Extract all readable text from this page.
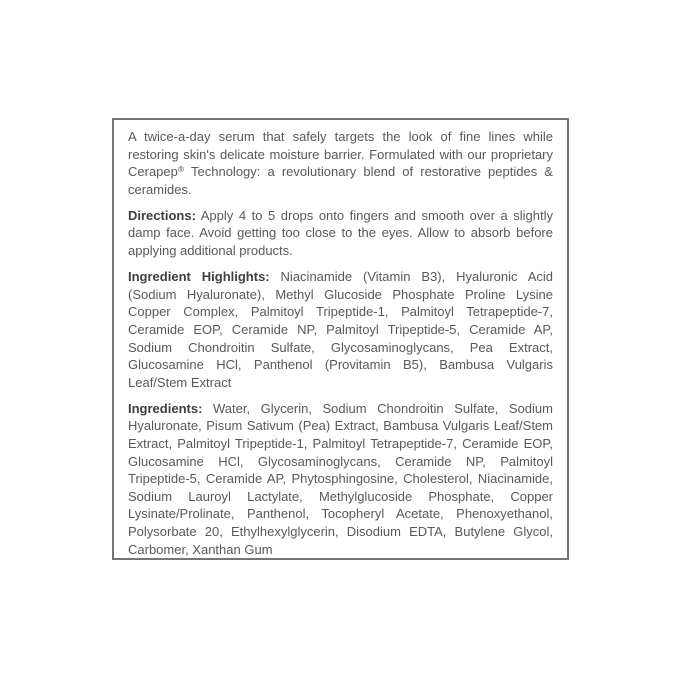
A twice-a-day serum that safely targets the look of fine lines while
restoring skin's delicate moisture barrier. Formulated with our proprietary
Cerapep® Technology: a revolutionary blend of restorative peptides &
ceramides.

Directions: Apply 4 to 5 drops onto fingers and smooth over a slightly
damp face. Avoid getting too close to the eyes. Allow to absorb before
applying additional products.

Ingredient Highlights: Niacinamide (Vitamin B3), Hyaluronic Acid
(Sodium Hyaluronate), Methyl Glucoside Phosphate Proline Lysine
Copper Complex, Palmitoyl Tripeptide-1, Palmitoyl Tetrapeptide-7,
Ceramide EOP, Ceramide NP, Palmitoyl Tripeptide-5, Ceramide AP,
Sodium Chondroitin Sulfate, Glycosaminoglycans, Pea Extract,
Glucosamine HCl, Panthenol (Provitamin B5), Bambusa Vulgaris
Leaf/Stem Extract

Ingredients: Water, Glycerin, Sodium Chondroitin Sulfate, Sodium
Hyaluronate, Pisum Sativum (Pea) Extract, Bambusa Vulgaris Leaf/Stem
Extract, Palmitoyl Tripeptide-1, Palmitoyl Tetrapeptide-7, Ceramide EOP,
Glucosamine HCl, Glycosaminoglycans, Ceramide NP, Palmitoyl
Tripeptide-5, Ceramide AP, Phytosphingosine, Cholesterol, Niacinamide,
Sodium Lauroyl Lactylate, Methylglucoside Phosphate, Copper
Lysinate/Prolinate, Panthenol, Tocopheryl Acetate, Phenoxyethanol,
Polysorbate 20, Ethylhexylglycerin, Disodium EDTA, Butylene Glycol,
Carbomer, Xanthan Gum
